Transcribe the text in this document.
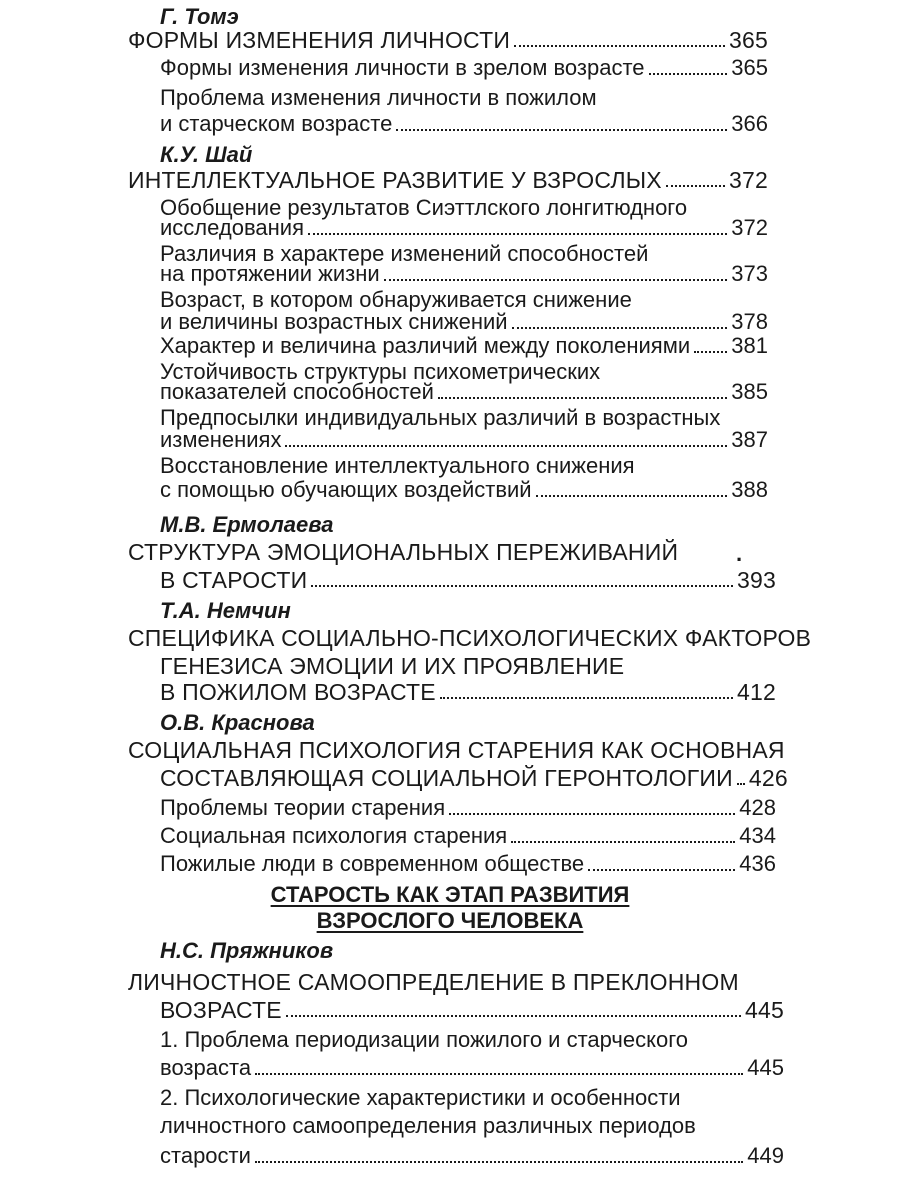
Г. Томэ
ФОРМЫ ИЗМЕНЕНИЯ ЛИЧНОСТИ	365
Формы изменения личности в зрелом возрасте	365
Проблема изменения личности в пожилом
и старческом возрасте	366
К.У. Шай
ИНТЕЛЛЕКТУАЛЬНОЕ РАЗВИТИЕ У ВЗРОСЛЫХ	372
Обобщение результатов Сиэттлского лонгитюдного
исследования	372
Различия в характере изменений способностей
на протяжении жизни	373
Возраст, в котором обнаруживается снижение
и величины возрастных снижений	378
Характер и величина различий между поколениями 381
Устойчивость структуры психометрических
показателей способностей	385
Предпосылки индивидуальных различий в возрастных
изменениях	387
Восстановление интеллектуального снижения
с помощью обучающих воздействий	388
М.В. Ермолаева
СТРУКТУРА ЭМОЦИОНАЛЬНЫХ ПЕРЕЖИВАНИЙ	·
В СТАРОСТИ	393
Т.А. Немчин
СПЕЦИФИКА СОЦИАЛЬНО-ПСИХОЛОГИЧЕСКИХ ФАКТОРОВ
ГЕНЕЗИСА ЭМОЦИИ И ИХ ПРОЯВЛЕНИЕ
В ПОЖИЛОМ ВОЗРАСТЕ	412
О.В. Краснова
СОЦИАЛЬНАЯ ПСИХОЛОГИЯ СТАРЕНИЯ КАК ОСНОВНАЯ
СОСТАВЛЯЮЩАЯ СОЦИАЛЬНОЙ ГЕРОНТОЛОГИИ 426
Проблемы теории старения	428
Социальная психология старения	434
Пожилые люди в современном обществе	436
СТАРОСТЬ КАК ЭТАП РАЗВИТИЯ
ВЗРОСЛОГО ЧЕЛОВЕКА
Н.С. Пряжников
ЛИЧНОСТНОЕ САМООПРЕДЕЛЕНИЕ В ПРЕКЛОННОМ
ВОЗРАСТЕ	445
1. Проблема периодизации пожилого и старческого
возраста	445
2. Психологические характеристики и особенности
личностного самоопределения различных периодов
старости	449
